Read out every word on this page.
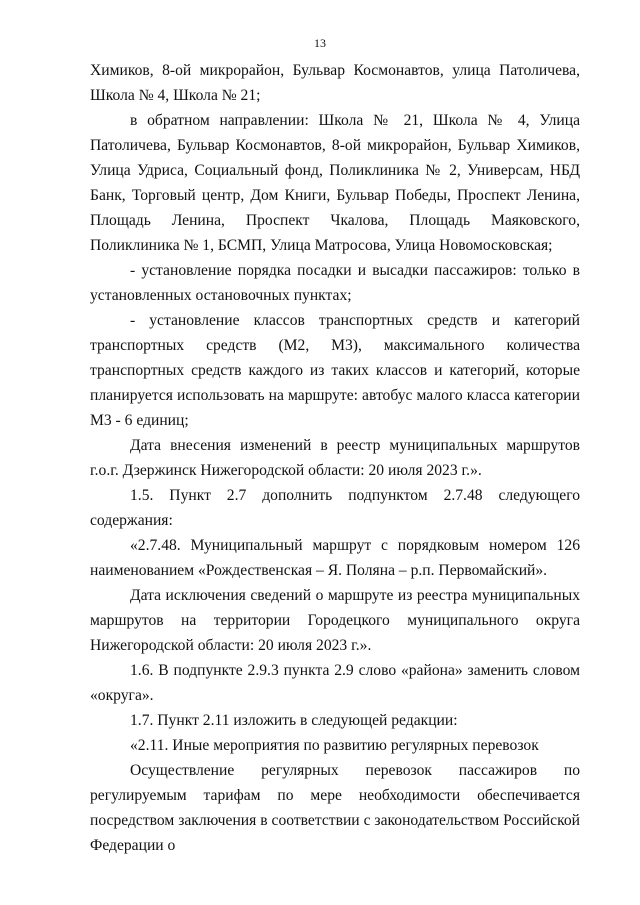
13

Химиков, 8-ой микрорайон, Бульвар Космонавтов, улица Патоличева, Школа № 4, Школа № 21;

в обратном направлении: Школа № 21, Школа № 4, Улица Патоличева, Бульвар Космонавтов, 8-ой микрорайон, Бульвар Химиков, Улица Удриса, Социальный фонд, Поликлиника № 2, Универсам, НБД Банк, Торговый центр, Дом Книги, Бульвар Победы, Проспект Ленина, Площадь Ленина, Проспект Чкалова, Площадь Маяковского, Поликлиника № 1, БСМП, Улица Матросова, Улица Новомосковская;

- установление порядка посадки и высадки пассажиров: только в установленных остановочных пунктах;

- установление классов транспортных средств и категорий транспортных средств (М2, М3), максимального количества транспортных средств каждого из таких классов и категорий, которые планируется использовать на маршруте: автобус малого класса категории М3 - 6 единиц;

Дата внесения изменений в реестр муниципальных маршрутов г.о.г. Дзержинск Нижегородской области: 20 июля 2023 г.».

1.5. Пункт 2.7 дополнить подпунктом 2.7.48 следующего содержания:

«2.7.48. Муниципальный маршрут с порядковым номером 126 наименованием «Рождественская – Я. Поляна – р.п. Первомайский».

Дата исключения сведений о маршруте из реестра муниципальных маршрутов на территории Городецкого муниципального округа Нижегородской области: 20 июля 2023 г.».

1.6. В подпункте 2.9.3 пункта 2.9 слово «района» заменить словом «округа».

1.7. Пункт 2.11 изложить в следующей редакции:

«2.11. Иные мероприятия по развитию регулярных перевозок

Осуществление регулярных перевозок пассажиров по регулируемым тарифам по мере необходимости обеспечивается посредством заключения в соответствии с законодательством Российской Федерации о
